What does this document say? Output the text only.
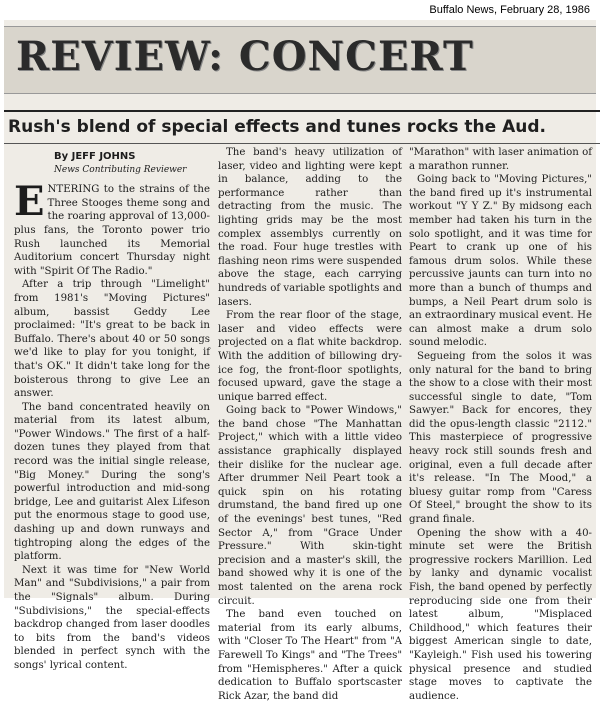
Buffalo News, February 28, 1986
REVIEW: CONCERT
Rush's blend of special effects and tunes rocks the Aud.
By JEFF JOHNS
News Contributing Reviewer

ENTERING to the strains of the Three Stooges theme song and the roaring approval of 13,000-plus fans, the Toronto power trio Rush launched its Memorial Auditorium concert Thursday night with "Spirit Of The Radio."

After a trip through "Limelight" from 1981's "Moving Pictures" album, bassist Geddy Lee proclaimed: "It's great to be back in Buffalo. There's about 40 or 50 songs we'd like to play for you tonight, if that's OK." It didn't take long for the boisterous throng to give Lee an answer.

The band concentrated heavily on material from its latest album, "Power Windows." The first of a half-dozen tunes they played from that record was the initial single release, "Big Money." During the song's powerful introduction and mid-song bridge, Lee and guitarist Alex Lifeson put the enormous stage to good use, dashing up and down runways and tightroping along the edges of the platform.

Next it was time for "New World Man" and "Subdivisions," a pair from the "Signals" album. During "Subdivisions," the special-effects backdrop changed from laser doodles to bits from the band's videos blended in perfect synch with the songs' lyrical content.

The band's heavy utilization of laser, video and lighting were kept in balance, adding to the performance rather than detracting from the music. The lighting grids may be the most complex assemblys currently on the road. Four huge trestles with flashing neon rims were suspended above the stage, each carrying hundreds of variable spotlights and lasers.

From the rear floor of the stage, laser and video effects were projected on a flat white backdrop. With the addition of billowing dry-ice fog, the front-floor spotlights, focused upward, gave the stage a unique barred effect.

Going back to "Power Windows," the band chose "The Manhattan Project," which with a little video assistance graphically displayed their dislike for the nuclear age. After drummer Neil Peart took a quick spin on his rotating drumstand, the band fired up one of the evenings' best tunes, "Red Sector A," from "Grace Under Pressure." With skin-tight precision and a master's skill, the band showed why it is one of the most talented on the arena rock circuit.

The band even touched on material from its early albums, with "Closer To The Heart" from "A Farewell To Kings" and "The Trees" from "Hemispheres." After a quick dedication to Buffalo sportscaster Rick Azar, the band did

"Marathon" with laser animation of a marathon runner.

Going back to "Moving Pictures," the band fired up it's instrumental workout "Y Y Z." By midsong each member had taken his turn in the solo spotlight, and it was time for Peart to crank up one of his famous drum solos. While these percussive jaunts can turn into no more than a bunch of thumps and bumps, a Neil Peart drum solo is an extraordinary musical event. He can almost make a drum solo sound melodic.

Segueing from the solos it was only natural for the band to bring the show to a close with their most successful single to date, "Tom Sawyer." Back for encores, they did the opus-length classic "2112." This masterpiece of progressive heavy rock still sounds fresh and original, even a full decade after it's release. "In The Mood," a bluesy guitar romp from "Caress Of Steel," brought the show to its grand finale.

Opening the show with a 40-minute set were the British progressive rockers Marillion. Led by lanky and dynamic vocalist Fish, the band opened by perfectly reproducing side one from their latest album, "Misplaced Childhood," which features their biggest American single to date, "Kayleigh." Fish used his towering physical presence and studied stage moves to captivate the audience.
